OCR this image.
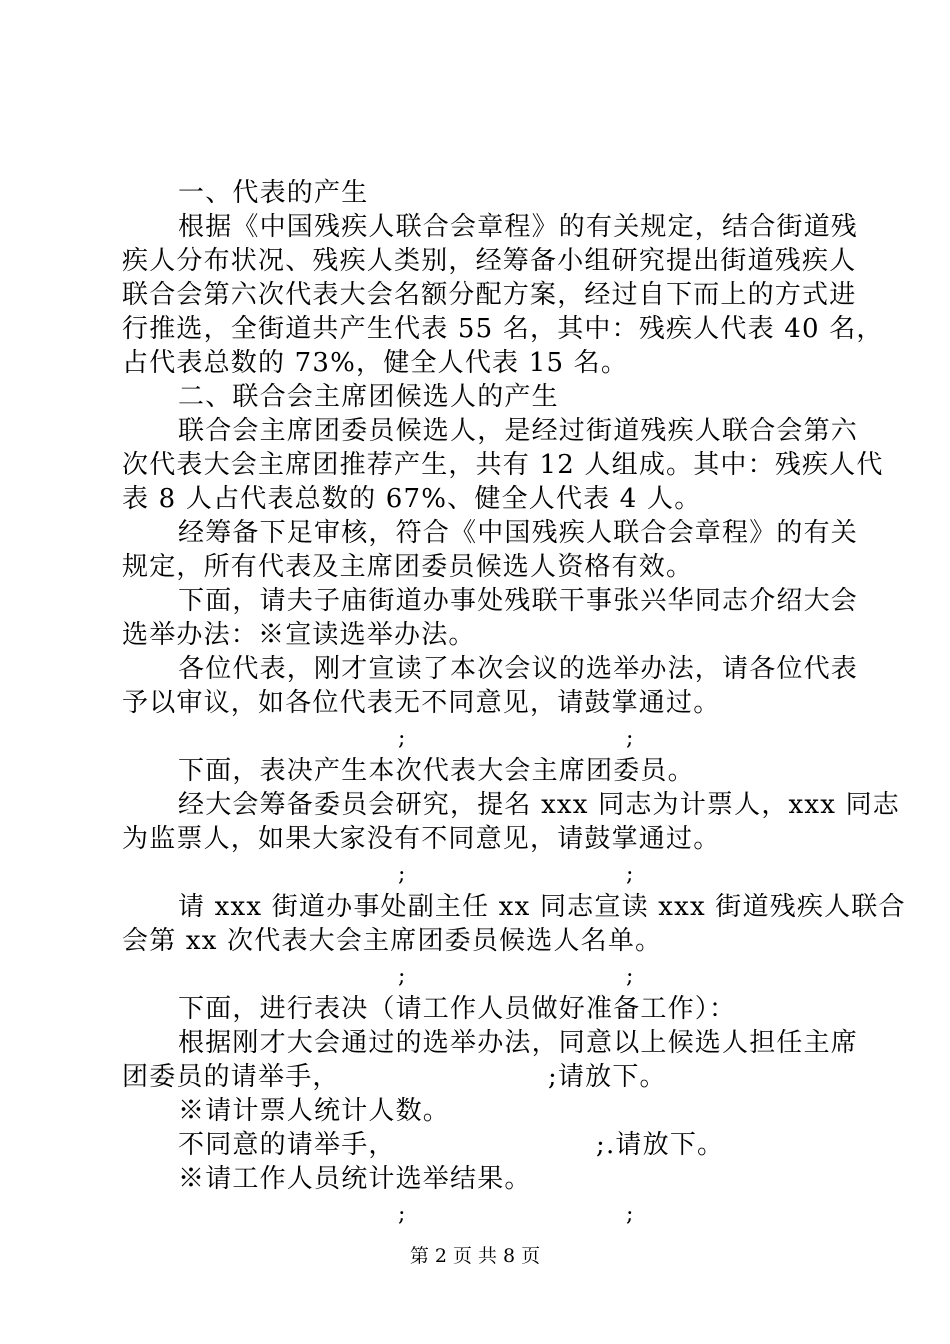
一、代表的产生
根据《中国残疾人联合会章程》的有关规定，结合街道残
疾人分布状况、残疾人类别，经筹备小组研究提出街道残疾人
联合会第六次代表大会名额分配方案，经过自下而上的方式进
行推选，全街道共产生代表 55 名，其中：残疾人代表 40 名，
占代表总数的 73%，健全人代表 15 名。
二、联合会主席团候选人的产生
联合会主席团委员候选人，是经过街道残疾人联合会第六
次代表大会主席团推荐产生，共有 12 人组成。其中：残疾人代
表 8 人占代表总数的 67%、健全人代表 4 人。
经筹备下足审核，符合《中国残疾人联合会章程》的有关
规定，所有代表及主席团委员候选人资格有效。
下面，请夫子庙街道办事处残联干事张兴华同志介绍大会
选举办法：※宣读选举办法。
各位代表，刚才宣读了本次会议的选举办法，请各位代表
予以审议，如各位代表无不同意见，请鼓掌通过。
;	;
下面，表决产生本次代表大会主席团委员。
经大会筹备委员会研究，提名 xxx 同志为计票人，xxx 同志
为监票人，如果大家没有不同意见，请鼓掌通过。
;	;
请 xxx 街道办事处副主任 xx 同志宣读 xxx 街道残疾人联合
会第 xx 次代表大会主席团委员候选人名单。
;	;
下面，进行表决（请工作人员做好准备工作）：
根据刚才大会通过的选举办法，同意以上候选人担任主席
团委员的请举手，	;请放下。
※请计票人统计人数。
不同意的请举手，	;.请放下。
※请工作人员统计选举结果。
;	;
第 2 页 共 8 页
